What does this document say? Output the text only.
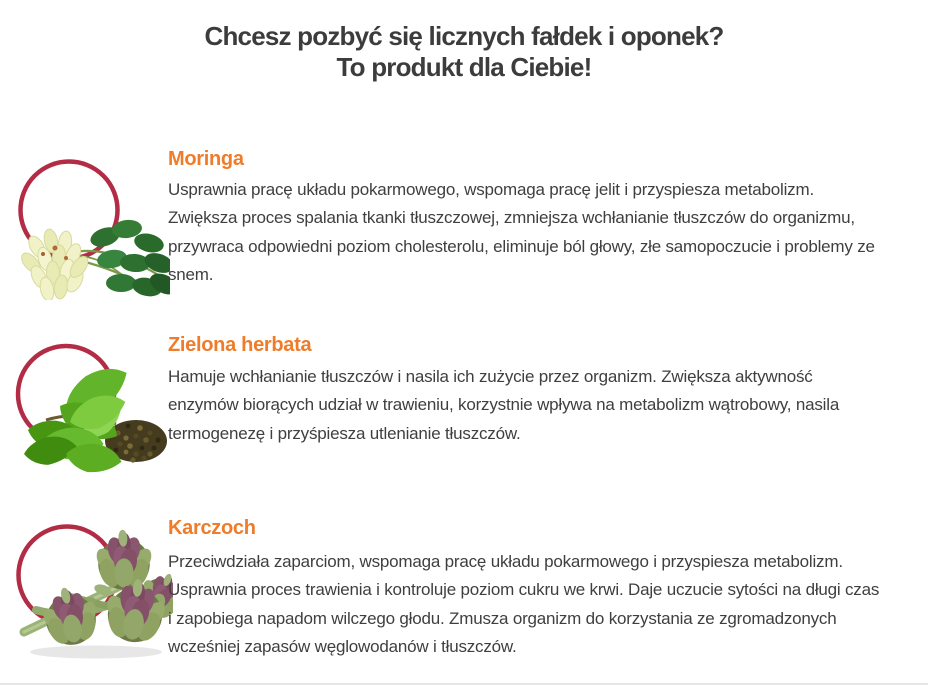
Chcesz pozbyć się licznych fałdek i oponek?
To produkt dla Ciebie!
Moringa

Usprawnia pracę układu pokarmowego, wspomaga pracę jelit i przyspiesza metabolizm. Zwiększa proces spalania tkanki tłuszczowej, zmniejsza wchłanianie tłuszczów do organizmu, przywraca odpowiedni poziom cholesterolu, eliminuje ból głowy, złe samopoczucie i problemy ze snem.

Zielona herbata

Hamuje wchłanianie tłuszczów i nasila ich zużycie przez organizm. Zwiększa aktywność enzymów biorących udział w trawieniu, korzystnie wpływa na metabolizm wątrobowy, nasila termogenezę i przyśpiesza utlenianie tłuszczów.

Karczoch

Przeciwdziała zaparciom, wspomaga pracę układu pokarmowego i przyspiesza metabolizm. Usprawnia proces trawienia i kontroluje poziom cukru we krwi. Daje uczucie sytości na długi czas i zapobiega napadom wilczego głodu. Zmusza organizm do korzystania ze zgromadzonych wcześniej zapasów węglowodanów i tłuszczów.
